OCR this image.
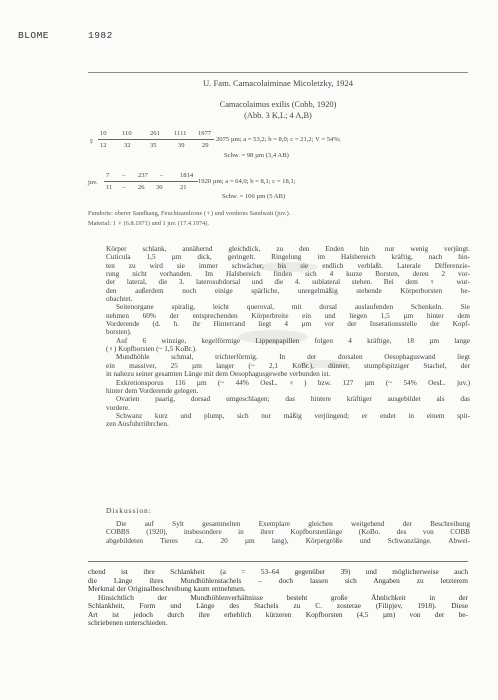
BLOME	1982
U. Fam. Camacolaiminae Micoletzky, 1924
Camacolaimus exilis (Cobb, 1920)
(Abb. 3 K,L; 4 A,B)
♀
10 110	261 1111 1977
12	32	35	39	29
2075 µm; a = 53,2; b = 8,0; c = 21,2; V = 54%;
Schw. = 98 µm (3,4 AB)
juv.
7 – 237 –	1814
11 – 26 30	21
1920 µm; a = 64,0; b = 8,1; c = 18,1;
Schw. = 106 µm (5 AB)
Fundorte: oberer Sandhang, Feuchtsandzone (♀) und vorderes Sandwatt (juv.).
Material: 1 ♀ (6.8.1971) und 1 juv. (17.4.1974).
Körper schlank, annähernd gleichdick, zu den Enden hin nur wenig verjüngt.
Cuticula 1,5 µm dick, geringelt. Ringelung im Halsbereich kräftig, nach hin-
ten zu wird sie immer schwächer, bis sie endlich verblaßt. Laterale Differenzie-
rung nicht vorhanden. Im Halsbereich finden sich 4 kurze Borsten, deren 2 vor-
der lateral, die 3. laterosubdorsal und die 4. sublateral stehen. Bei dem ♀ wur-
den außerdem noch einige spärliche, unregelmäßig stehende Körperborsten be-
obachtet.
Seitenorgane spiralig, leicht queroval, mit dorsal auslaufenden Schenkeln. Sie
nehmen 60% der entsprechenden Körperbreite ein und liegen 1,5 µm hinter dem
Vorderende (d. h. ihr Hinterrand liegt 4 µm vor der Inserationsstelle der Kopf-
borsten).
Auf 6 winzige, kegelförmige Lippenpapillen folgen 4 kräftige, 18 µm lange
(♀) Kopfborsten (~ 1,5 KoBr.).
Mundhöhle schmal, trichterförmig. In der dorsalen Oesophaguswand liegt
ein massiver, 25 µm langer (~ 2,1 KoBr.), dünner, stumpfspitziger Stachel, der
in nahezu seiner gesamten Länge mit dem Oesophagusgewebe verbunden ist.
Exkretionsporus 116 µm (~ 44% OesL. ♀) bzw. 127 µm (~ 54% OesL. juv.)
hinter dem Vorderende gelegen.
Ovarien paarig, dorsad umgeschlagen; das hintere kräftiger ausgebildet als das
vordere.
Schwanz kurz und plump, sich nur mäßig verjüngend; er endet in einem spit-
zen Ausfuhrröhrchen.
Diskussion:
Die auf Sylt gesammelten Exemplare gleichen weitgehend der Beschreibung
COBBS (1920), insbesondere in ihrer Kopfborstenlänge (KoBo. des von COBB
abgebildeten Tieres ca. 20 µm lang), Körpergröße und Schwanzlänge. Abwei-
chend ist ihre Schlankheit (a = 53–64 gegenüber 39) und möglicherweise auch
die Länge ihres Mundhöhlenstachels – doch lassen sich Angaben zu letzterem
Merkmal der Originalbeschreibung kaum entnehmen.
Hinsichtlich der Mundhöhlenverhältnisse besteht große Ähnlichkeit in der
Schlankheit, Form und Länge des Stachels zu C. zosterae (Filipjev, 1918). Diese
Art ist jedoch durch ihre erheblich kürzeren Kopfborsten (4,5 µm) von der be-
schriebenen unterschieden.
